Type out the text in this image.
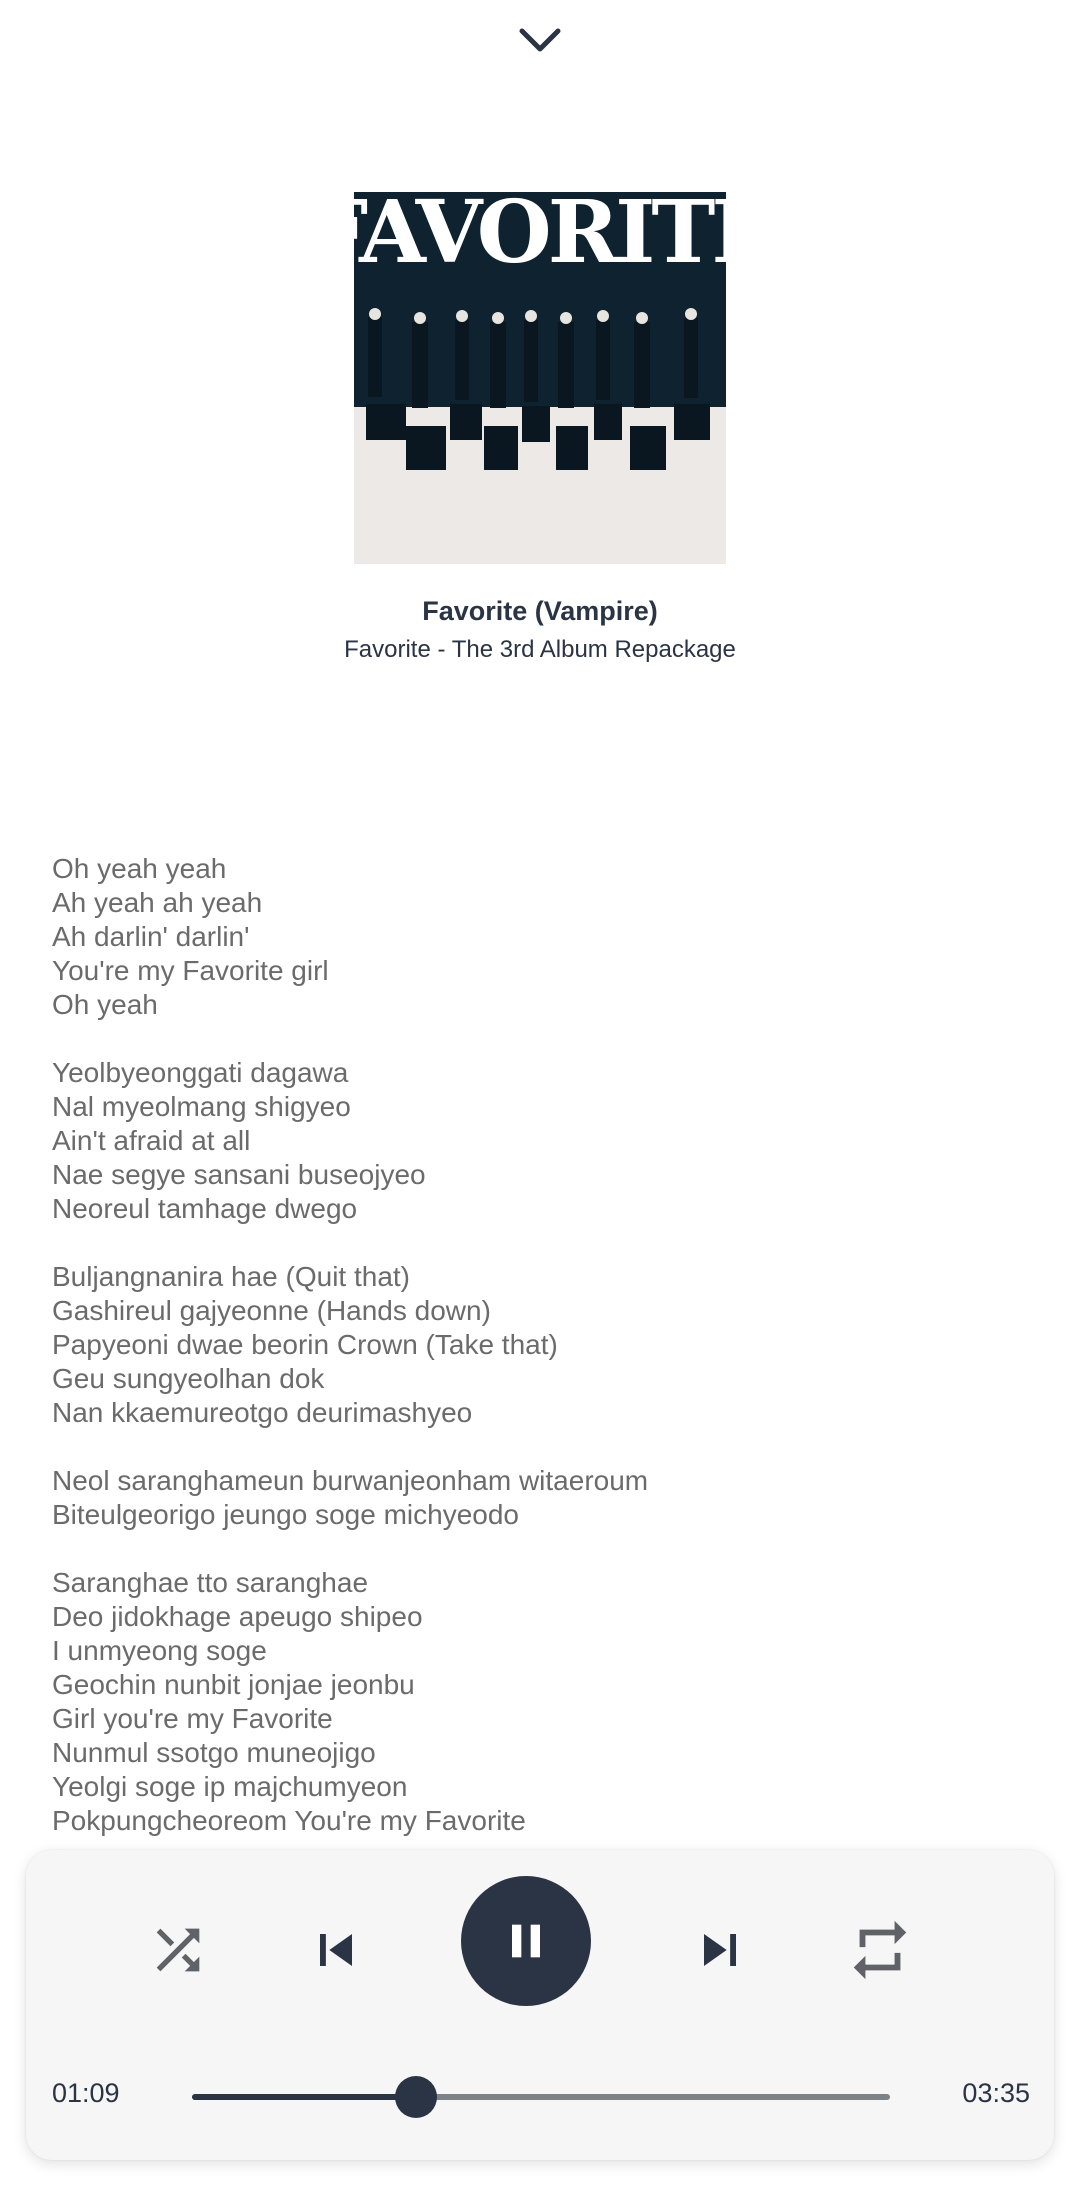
FAVORITE
Favorite (Vampire)
Favorite - The 3rd Album Repackage
Oh yeah yeah
Ah yeah ah yeah
Ah darlin' darlin'
You're my Favorite girl
Oh yeah
Yeolbyeonggati dagawa
Nal myeolmang shigyeo
Ain't afraid at all
Nae segye sansani buseojyeo
Neoreul tamhage dwego
Buljangnanira hae (Quit that)
Gashireul gajyeonne (Hands down)
Papyeoni dwae beorin Crown (Take that)
Geu sungyeolhan dok
Nan kkaemureotgo deurimashyeo
Neol saranghameun burwanjeonham witaeroum
Biteulgeorigo jeungo soge michyeodo
Saranghae tto saranghae
Deo jidokhage apeugo shipeo
I unmyeong soge
Geochin nunbit jonjae jeonbu
Girl you're my Favorite
Nunmul ssotgo muneojigo
Yeolgi soge ip majchumyeon
Pokpungcheoreom You're my Favorite
01:09	03:35
